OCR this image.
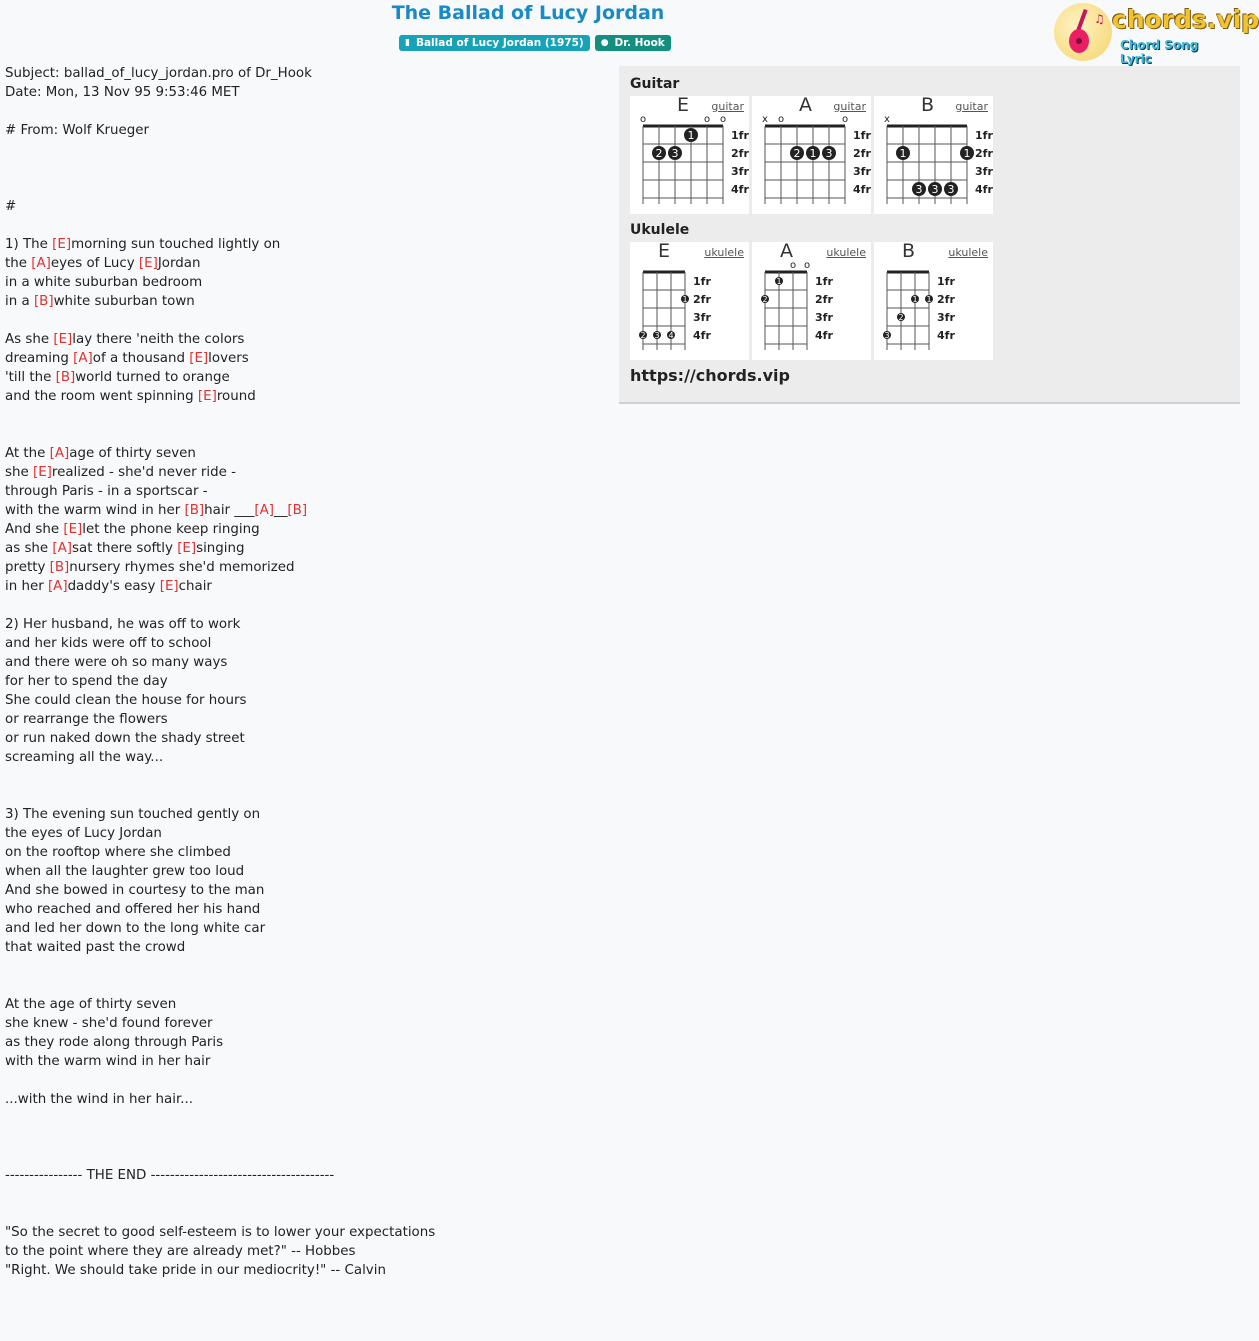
The Ballad of Lucy Jordan
▮ Ballad of Lucy Jordan (1975) ● Dr. Hook
♫ chords.vip
Chord Song Lyric
Subject: ballad_of_lucy_jordan.pro of Dr_Hook
Date: Mon, 13 Nov 95 9:53:46 MET
# From: Wolf Krueger
#
1) The [E]morning sun touched lightly on
the [A]eyes of Lucy [E]Jordan
in a white suburban bedroom
in a [B]white suburban town
As she [E]lay there 'neith the colors
dreaming [A]of a thousand [E]lovers
'till the [B]world turned to orange
and the room went spinning [E]round
At the [A]age of thirty seven
she [E]realized - she'd never ride -
through Paris - in a sportscar -
with the warm wind in her [B]hair ___[A]__[B]
And she [E]let the phone keep ringing
as she [A]sat there softly [E]singing
pretty [B]nursery rhymes she'd memorized
in her [A]daddy's easy [E]chair
2) Her husband, he was off to work
and her kids were off to school
and there were oh so many ways
for her to spend the day
She could clean the house for hours
or rearrange the flowers
or run naked down the shady street
screaming all the way...
3) The evening sun touched gently on
the eyes of Lucy Jordan
on the rooftop where she climbed
when all the laughter grew too loud
And she bowed in courtesy to the man
who reached and offered her his hand
and led her down to the long white car
that waited past the crowd
At the age of thirty seven
she knew - she'd found forever
as they rode along through Paris
with the warm wind in her hair
...with the wind in her hair...
---------------- THE END --------------------------------------
"So the secret to good self-esteem is to lower your expectations
to the point where they are already met?" -- Hobbes
"Right. We should take pride in our mediocrity!" -- Calvin
Guitar
1fr
2fr
3fr
4fr
o	o o
1
2 3
E guitar
1fr
2fr
3fr
4fr
x o	o
2 1 3
A guitar
1fr
2fr
3fr
4fr
x
1	1
3 3 3
B guitar
Ukulele
1fr
2fr
3fr
4fr
1
2 3 4
E	ukulele
1fr
2fr
3fr
4fr
o o
1
2
A	ukulele
1fr
2fr
3fr
4fr
1 1
2
3
B	ukulele
https://chords.vip
